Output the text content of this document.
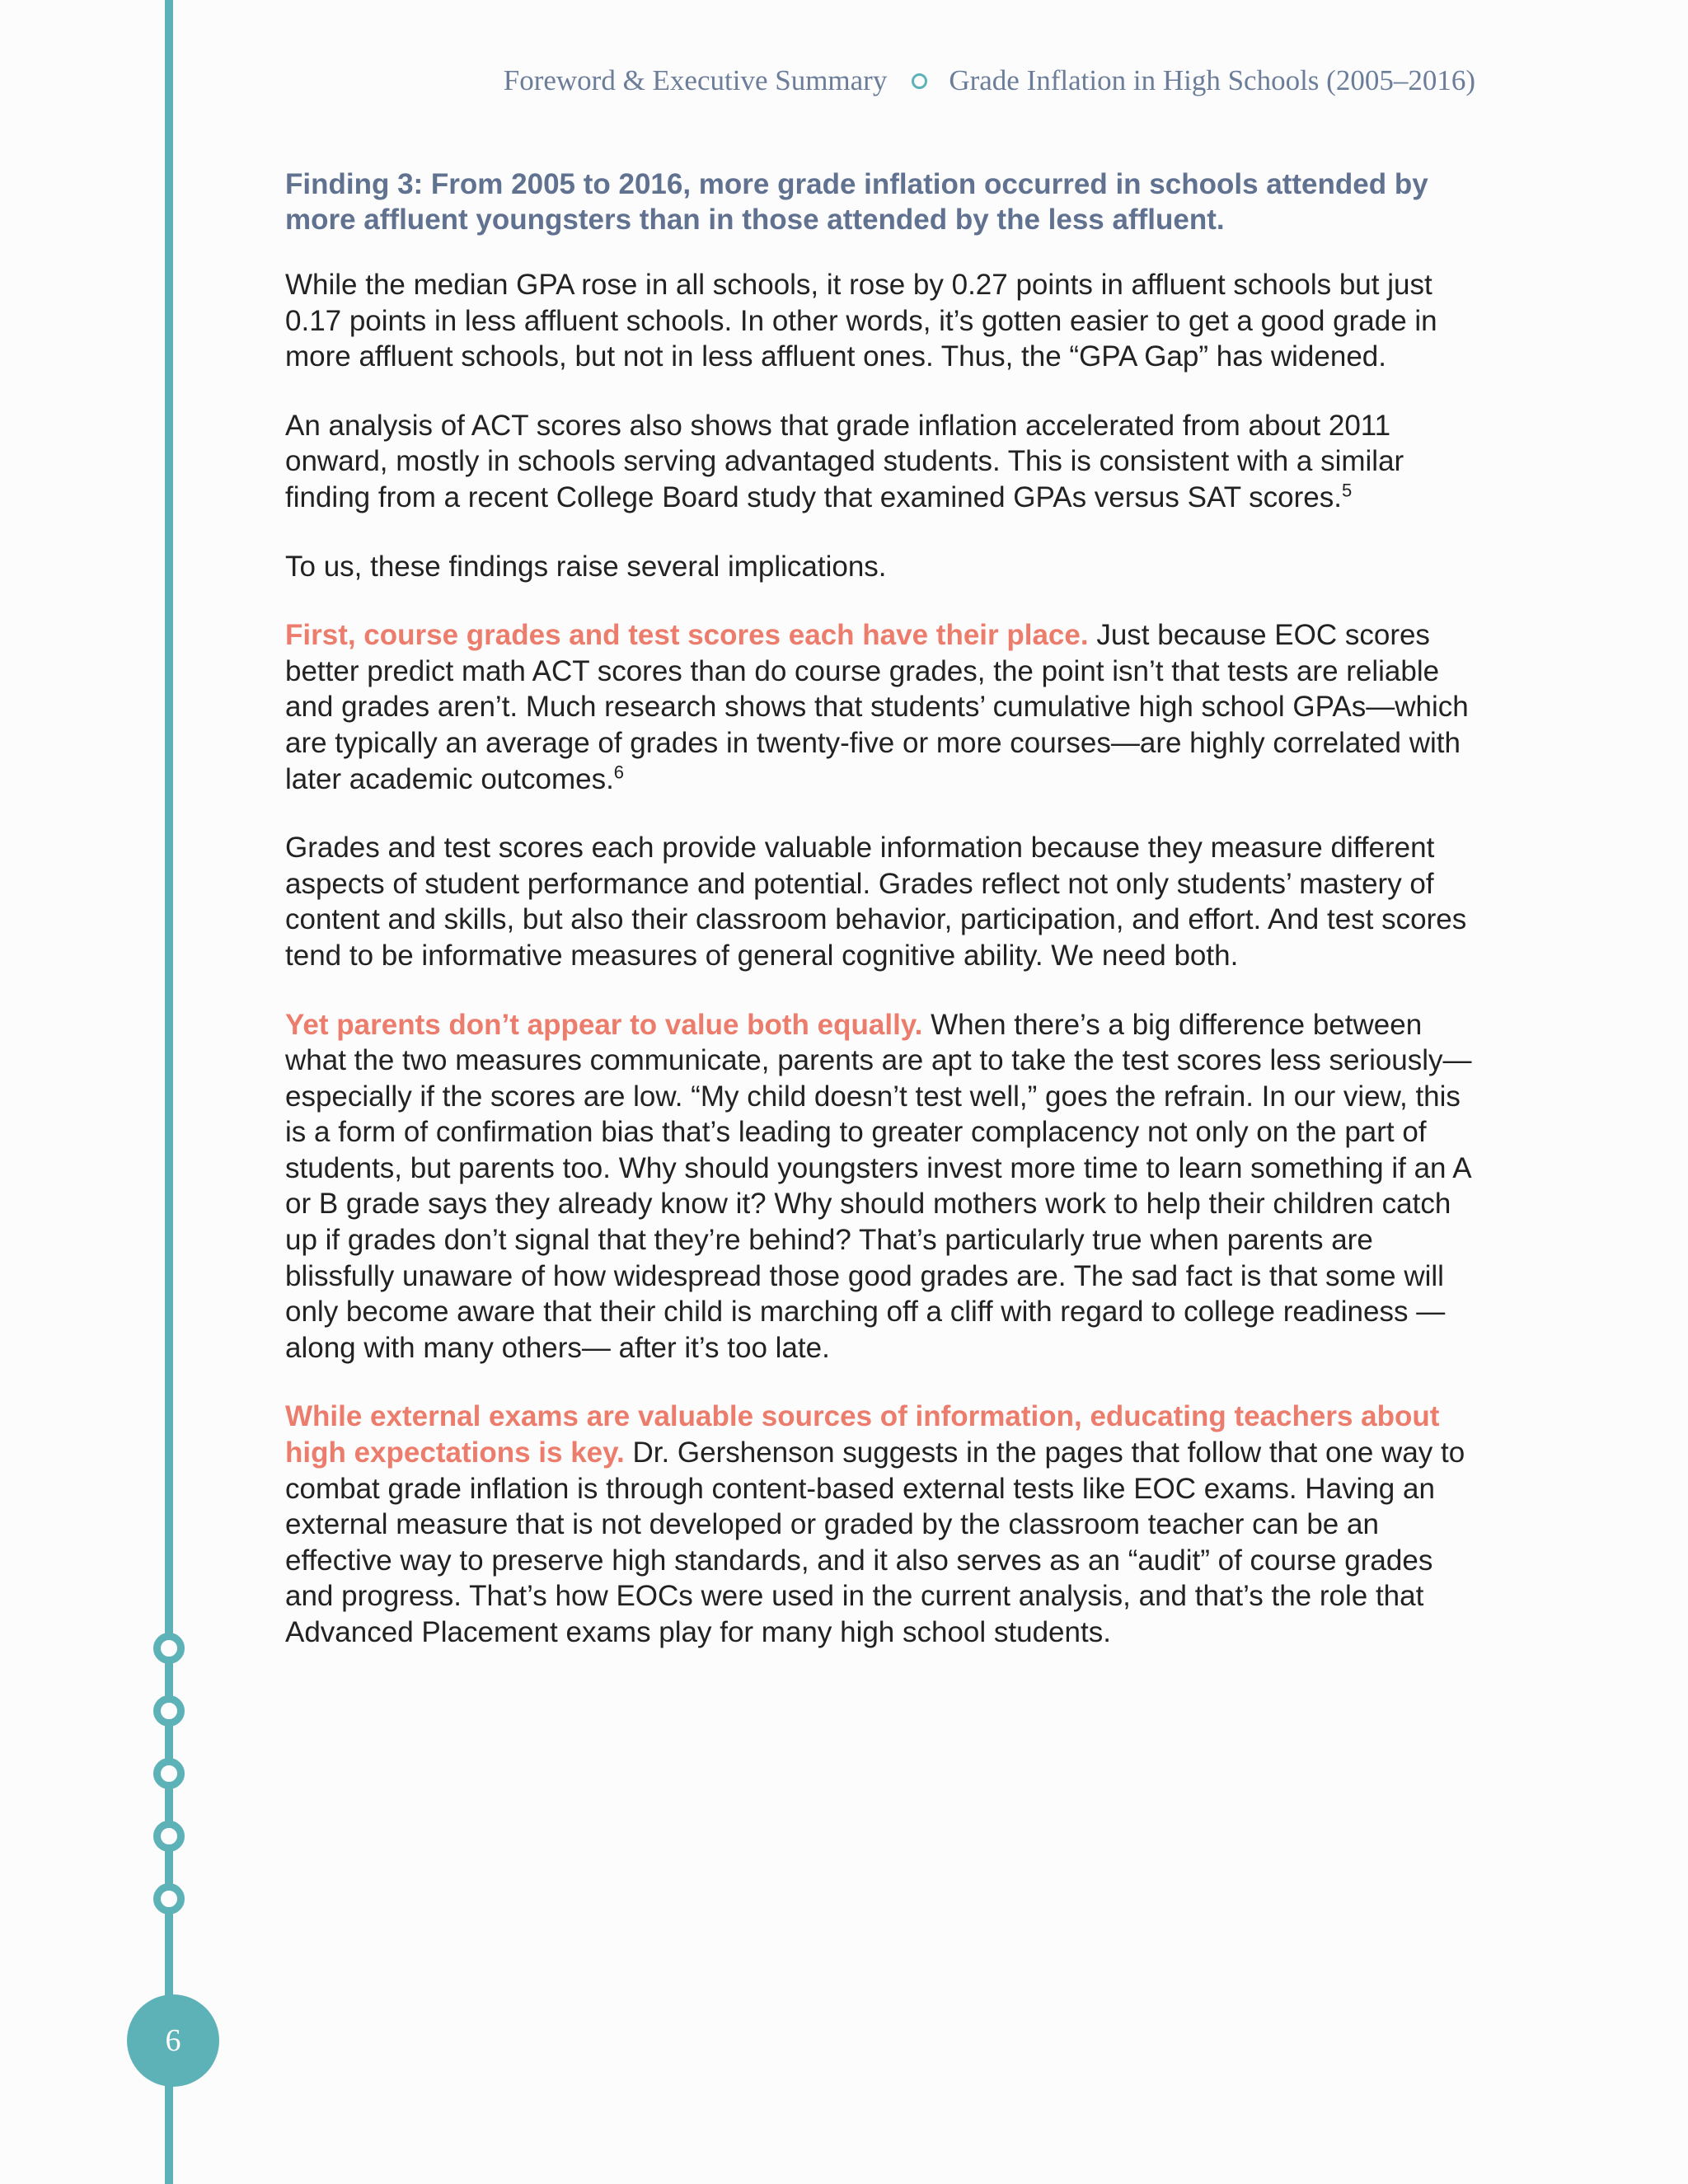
6
Foreword & Executive Summary Grade Inflation in High Schools (2005–2016)
Finding 3: From 2005 to 2016, more grade inflation occurred in schools attended by more affluent youngsters than in those attended by the less affluent.

While the median GPA rose in all schools, it rose by 0.27 points in affluent schools but just 0.17 points in less affluent schools. In other words, it’s gotten easier to get a good grade in more affluent schools, but not in less affluent ones. Thus, the “GPA Gap” has widened.

An analysis of ACT scores also shows that grade inflation accelerated from about 2011 onward, mostly in schools serving advantaged students. This is consistent with a similar finding from a recent College Board study that examined GPAs versus SAT scores.$^5$

To us, these findings raise several implications.

First, course grades and test scores each have their place. Just because EOC scores better predict math ACT scores than do course grades, the point isn’t that tests are reliable and grades aren’t. Much research shows that students’ cumulative high school GPAs—which are typically an average of grades in twenty-five or more courses—are highly correlated with later academic outcomes.$^6$

Grades and test scores each provide valuable information because they measure different aspects of student performance and potential. Grades reflect not only students’ mastery of content and skills, but also their classroom behavior, participation, and effort. And test scores tend to be informative measures of general cognitive ability. We need both.

Yet parents don’t appear to value both equally. When there’s a big difference between what the two measures communicate, parents are apt to take the test scores less seriously—especially if the scores are low. “My child doesn’t test well,” goes the refrain. In our view, this is a form of confirmation bias that’s leading to greater complacency not only on the part of students, but parents too. Why should youngsters invest more time to learn something if an A or B grade says they already know it? Why should mothers work to help their children catch up if grades don’t signal that they’re behind? That’s particularly true when parents are blissfully unaware of how widespread those good grades are. The sad fact is that some will only become aware that their child is marching off a cliff with regard to college readiness —along with many others— after it’s too late.

While external exams are valuable sources of information, educating teachers about high expectations is key. Dr. Gershenson suggests in the pages that follow that one way to combat grade inflation is through content-based external tests like EOC exams. Having an external measure that is not developed or graded by the classroom teacher can be an effective way to preserve high standards, and it also serves as an “audit” of course grades and progress. That’s how EOCs were used in the current analysis, and that’s the role that Advanced Placement exams play for many high school students.
